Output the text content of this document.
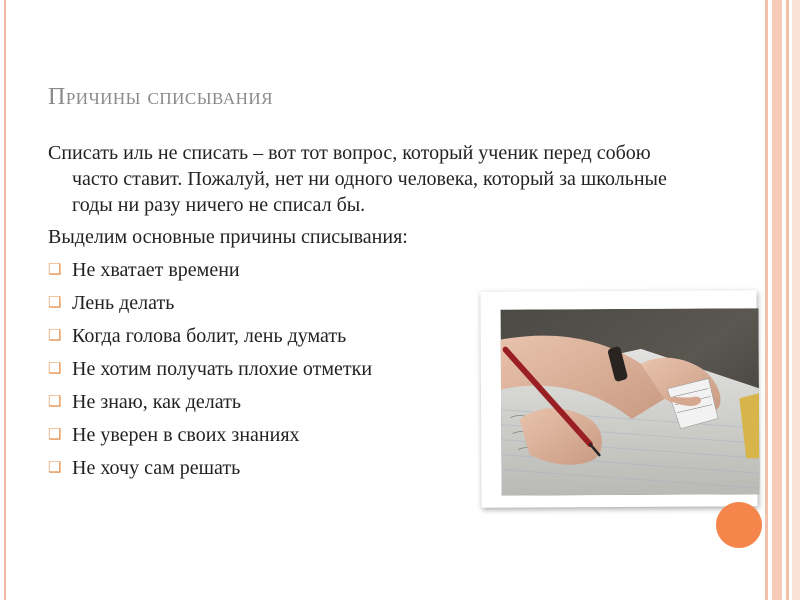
Причины списывания

Списать иль не списать – вот тот вопрос, который ученик перед собою часто ставит. Пожалуй, нет ни одного человека, который за школьные годы ни разу ничего не списал бы.

Выделим основные причины списывания:

❑ Не хватает времени
❑ Лень делать
❑ Когда голова болит, лень думать
❑ Не хотим получать плохие отметки
❑ Не знаю, как делать
❑ Не уверен в своих знаниях
❑ Не хочу сам решать
